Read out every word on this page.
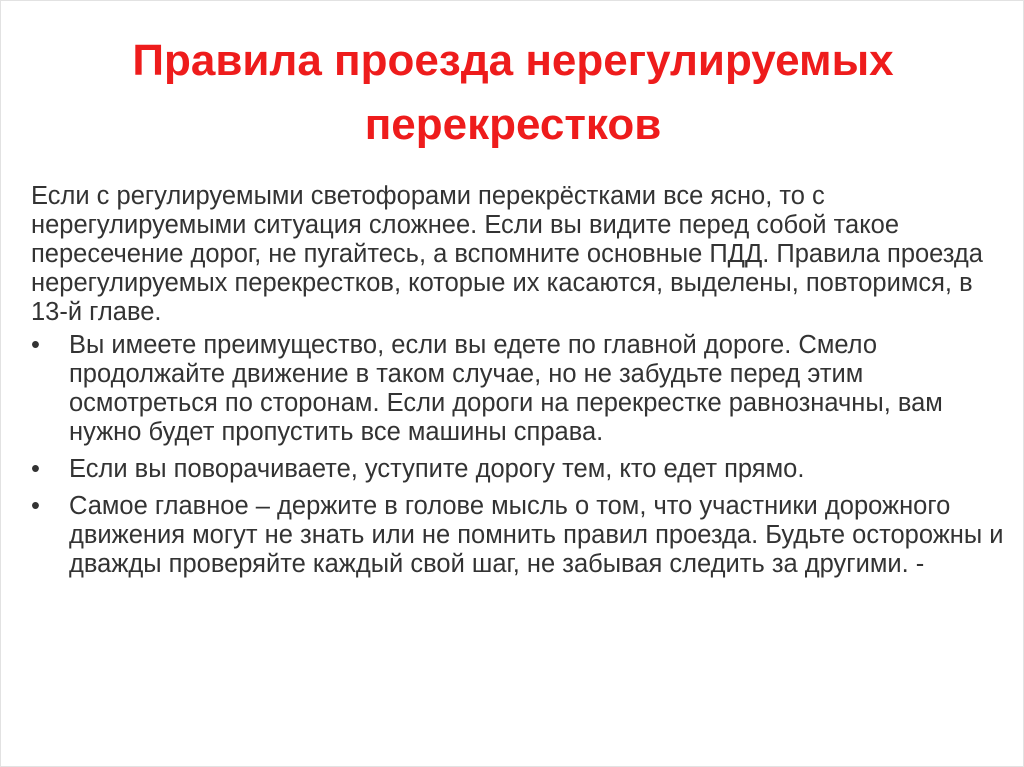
Правила проезда нерегулируемых перекрестков

Если с регулируемыми светофорами перекрёстками все ясно, то с нерегулируемыми ситуация сложнее. Если вы видите перед собой такое пересечение дорог, не пугайтесь, а вспомните основные ПДД. Правила проезда нерегулируемых перекрестков, которые их касаются, выделены, повторимся, в 13-й главе.

•	Вы имеете преимущество, если вы едете по главной дороге. Смело продолжайте движение в таком случае, но не забудьте перед этим осмотреться по сторонам. Если дороги на перекрестке равнозначны, вам нужно будет пропустить все машины справа.
•	Если вы поворачиваете, уступите дорогу тем, кто едет прямо.
•	Самое главное – держите в голове мысль о том, что участники дорожного движения могут не знать или не помнить правил проезда. Будьте осторожны и дважды проверяйте каждый свой шаг, не забывая следить за другими. -
